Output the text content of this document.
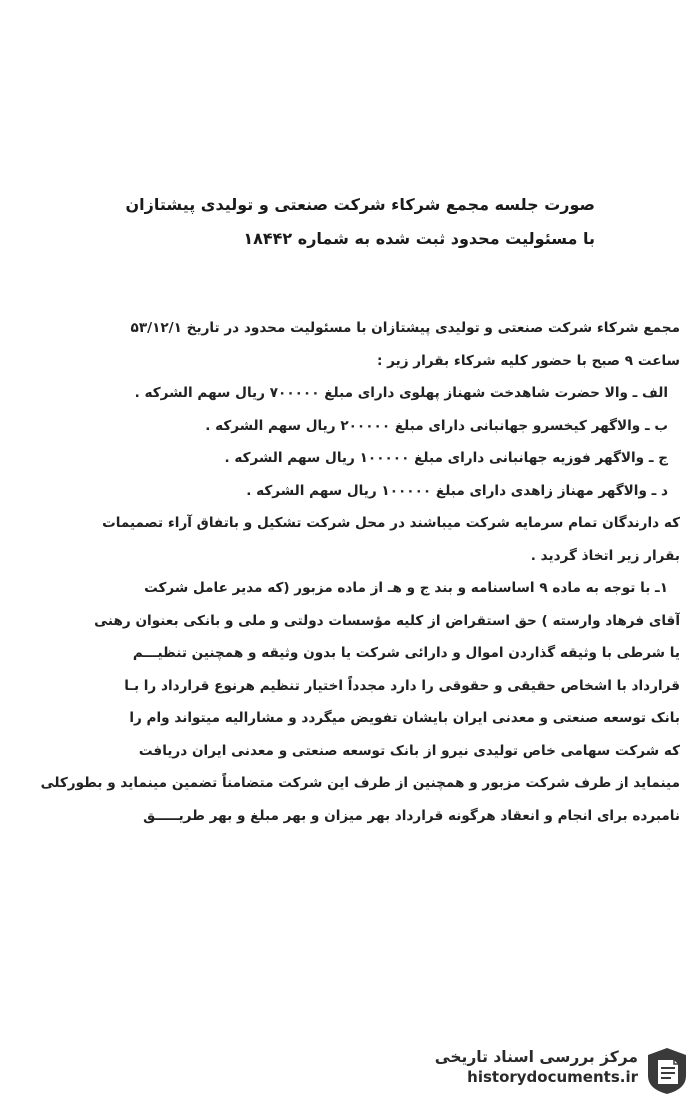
صورت جلسه مجمع شرکاء شرکت صنعتی و تولیدی پیشتازان
با مسئولیت محدود ثبت شده به شماره ۱۸۴۴۲
مجمع شرکاء شرکت صنعتی و تولیدی پیشتازان با مسئولیت محدود در تاریخ ۵۳/۱۲/۱
ساعت ۹ صبح با حضور کلیه شرکاء بقرار زیر :
الف ـ والا حضرت شاهدخت شهناز پهلوی دارای مبلغ ۷۰۰۰۰۰ ریال سهم الشرکه .
ب ـ والاگهر کیخسرو جهانبانی دارای مبلغ ۲۰۰۰۰۰ ریال سهم الشرکه .
ج ـ والاگهر فوزیه جهانبانی دارای مبلغ ۱۰۰۰۰۰ ریال سهم الشرکه .
د ـ والاگهر مهناز زاهدی دارای مبلغ ۱۰۰۰۰۰ ریال سهم الشرکه .
که دارندگان تمام سرمایه شرکت میباشند در محل شرکت تشکیل و باتفاق آراء تصمیمات
بقرار زیر اتخاذ گردید .
۱ـ با توجه به ماده ۹ اساسنامه و بند ج و هـ از ماده مزبور (که مدیر عامل شرکت
آقای فرهاد وارسته ) حق استقراض از کلیه مؤسسات دولتی و ملی و بانکی بعنوان رهنی
یا شرطی با وثیقه گذاردن اموال و دارائی شرکت یا بدون وثیقه و همچنین تنظیـــم
قرارداد با اشخاص حقیقی و حقوقی را دارد مجدداً اختیار تنظیم هرنوع قرارداد را بـا
بانک توسعه صنعتی و معدنی ایران بایشان تفویض میگردد و مشارالیه میتواند وام را
که شرکت سهامی خاص تولیدی نیرو از بانک توسعه صنعتی و معدنی ایران دریافت
مینماید از طرف شرکت مزبور و همچنین از طرف این شرکت متضامناً تضمین مینماید و بطورکلی
نامبرده برای انجام و انعقاد هرگونه قرارداد بهر میزان و بهر مبلغ و بهر طریـــــق
مرکز بررسی اسناد تاریخی
historydocuments.ir
